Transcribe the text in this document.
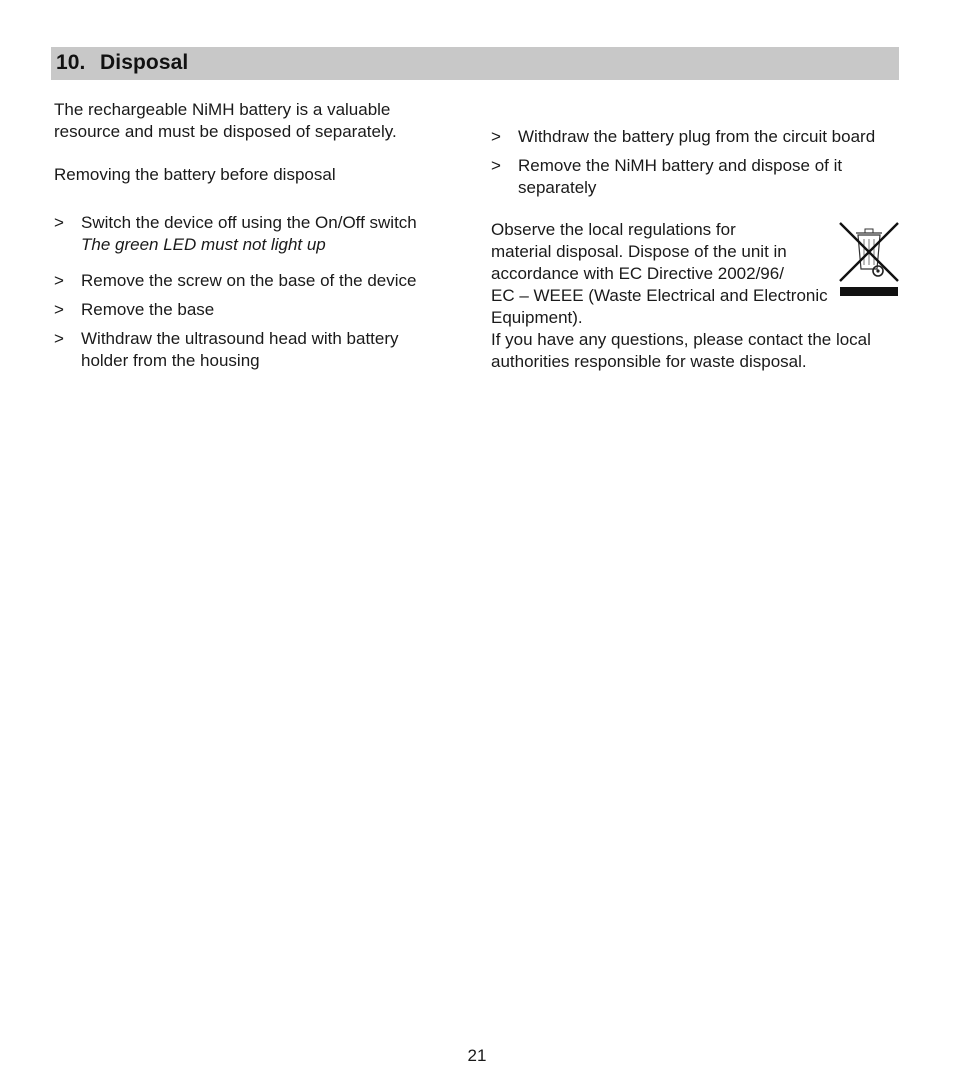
10. Disposal
The rechargeable NiMH battery is a valuable
resource and must be disposed of separately.
Removing the battery before disposal
> Switch the device off using the On/Off switch
The green LED must not light up
> Remove the screw on the base of the device
> Remove the base
> Withdraw the ultrasound head with battery
holder from the housing
> Withdraw the battery plug from the circuit board
> Remove the NiMH battery and dispose of it
separately
Observe the local regulations for
material disposal. Dispose of the unit in
accordance with EC Directive 2002/96/
EC – WEEE (Waste Electrical and Electronic
Equipment).
If you have any questions, please contact the local
authorities responsible for waste disposal.
21
